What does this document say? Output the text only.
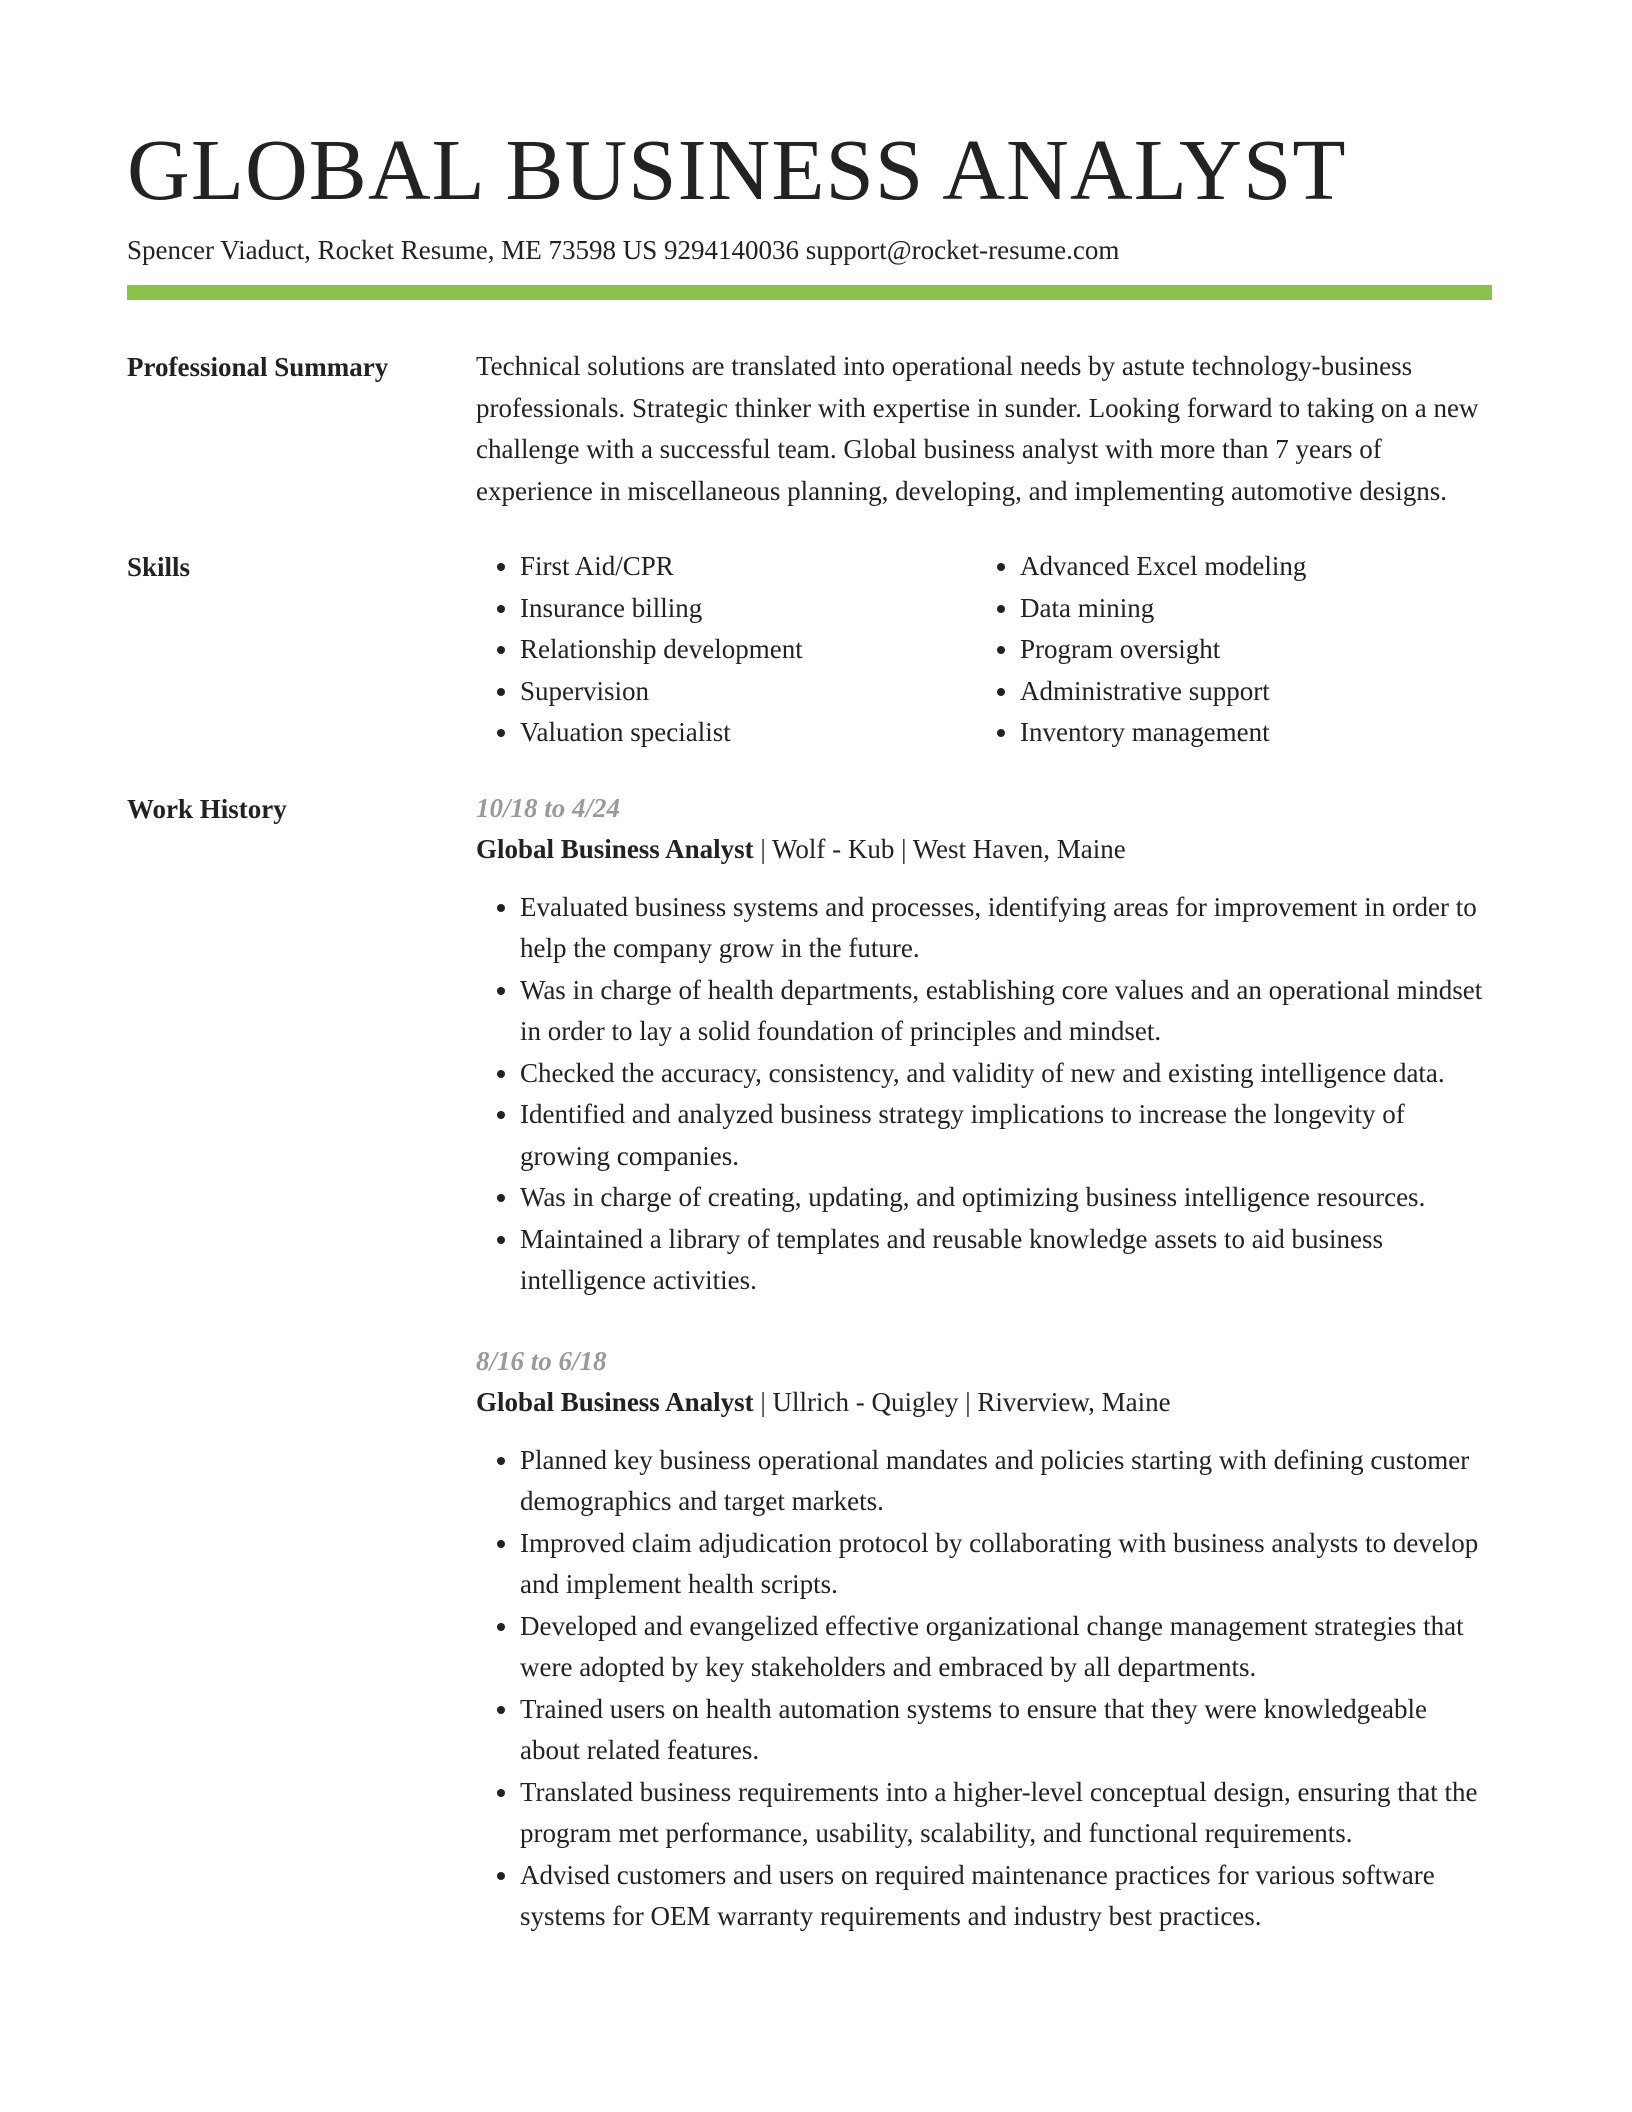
GLOBAL BUSINESS ANALYST
Spencer Viaduct, Rocket Resume, ME 73598 US 9294140036 support@rocket-resume.com
Professional Summary	Technical solutions are translated into operational needs by astute technology-business professionals. Strategic thinker with expertise in sunder. Looking forward to taking on a new challenge with a successful team. Global business analyst with more than 7 years of experience in miscellaneous planning, developing, and implementing automotive designs.

Skills
•	First Aid/CPR
• Insurance billing
• Relationship development
• Supervision
• Valuation specialist
• Advanced Excel modeling
• Data mining
• Program oversight
• Administrative support
• Inventory management
Work History	10/18 to 4/24
Global Business Analyst | Wolf - Kub | West Haven, Maine
• Evaluated business systems and processes, identifying areas for improvement in order to help the company grow in the future.
• Was in charge of health departments, establishing core values and an operational mindset in order to lay a solid foundation of principles and mindset.
• Checked the accuracy, consistency, and validity of new and existing intelligence data.
• Identified and analyzed business strategy implications to increase the longevity of growing companies.
• Was in charge of creating, updating, and optimizing business intelligence resources.
• Maintained a library of templates and reusable knowledge assets to aid business intelligence activities.
8/16 to 6/18
Global Business Analyst | Ullrich - Quigley | Riverview, Maine
• Planned key business operational mandates and policies starting with defining customer demographics and target markets.
• Improved claim adjudication protocol by collaborating with business analysts to develop and implement health scripts.
• Developed and evangelized effective organizational change management strategies that were adopted by key stakeholders and embraced by all departments.
• Trained users on health automation systems to ensure that they were knowledgeable about related features.
• Translated business requirements into a higher-level conceptual design, ensuring that the program met performance, usability, scalability, and functional requirements.
• Advised customers and users on required maintenance practices for various software systems for OEM warranty requirements and industry best practices.
